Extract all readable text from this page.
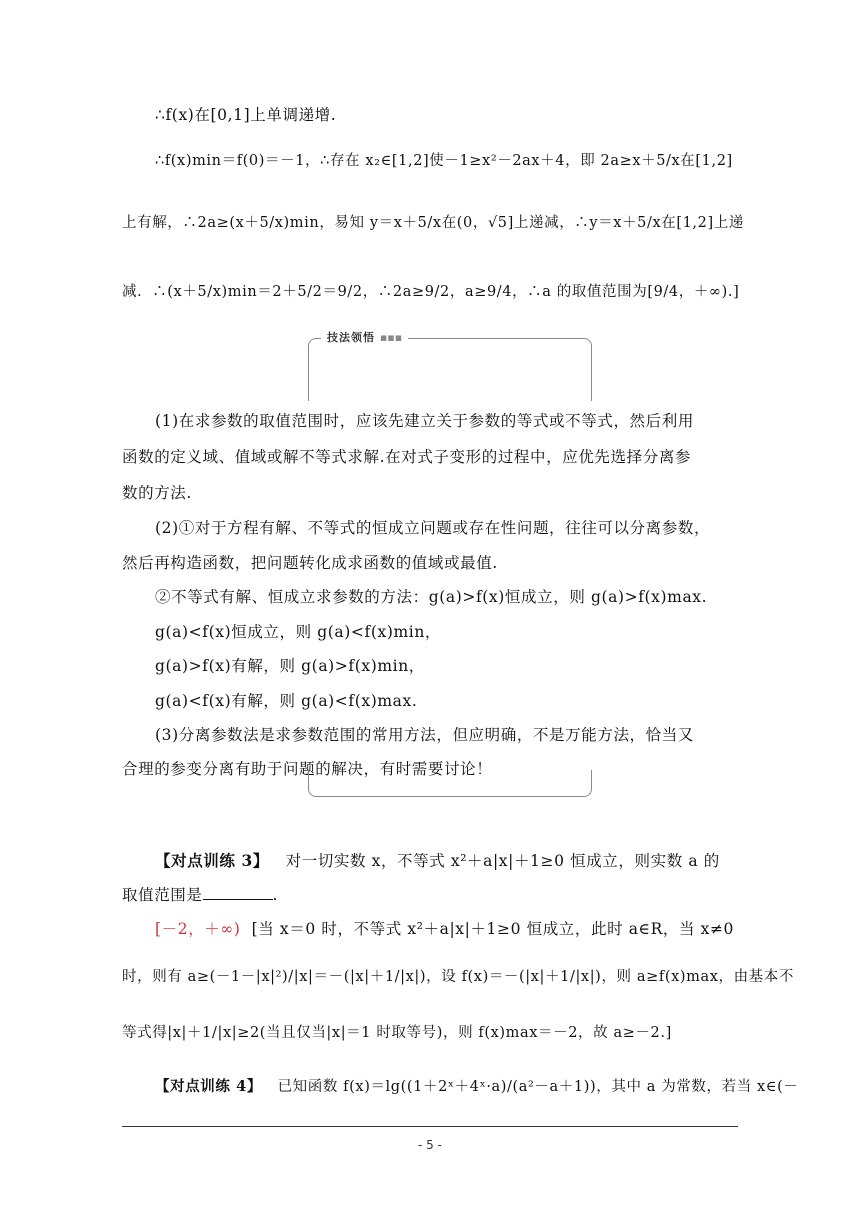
∴f(x)在[0,1]上单调递增.
∴f(x)min＝f(0)＝－1，∴存在 x₂∈[1,2]使－1≥x²－2ax＋4，即 2a≥x＋5/x在[1,2]
上有解，∴2a≥(x＋5/x)min，易知 y＝x＋5/x在(0，√5]上递减，∴y＝x＋5/x在[1,2]上递
减．∴(x＋5/x)min＝2＋5/2＝9/2，∴2a≥9/2，a≥9/4，∴a 的取值范围为[9/4，＋∞).]
技法领悟 ▪▪▪
(1)在求参数的取值范围时，应该先建立关于参数的等式或不等式，然后利用
函数的定义域、值域或解不等式求解.在对式子变形的过程中，应优先选择分离参
数的方法.
(2)①对于方程有解、不等式的恒成立问题或存在性问题，往往可以分离参数，
然后再构造函数，把问题转化成求函数的值域或最值.
②不等式有解、恒成立求参数的方法：g(a)>f(x)恒成立，则 g(a)>f(x)max.
g(a)<f(x)恒成立，则 g(a)<f(x)min，
g(a)>f(x)有解，则 g(a)>f(x)min，
g(a)<f(x)有解，则 g(a)<f(x)max.
(3)分离参数法是求参数范围的常用方法，但应明确，不是万能方法，恰当又
合理的参变分离有助于问题的解决，有时需要讨论！
【对点训练 3】 对一切实数 x，不等式 x²＋a|x|＋1≥0 恒成立，则实数 a 的
取值范围是	.
[－2，＋∞) [当 x＝0 时，不等式 x²＋a|x|＋1≥0 恒成立，此时 a∈R，当 x≠0
时，则有 a≥(－1－|x|²)/|x|＝－(|x|＋1/|x|)，设 f(x)＝－(|x|＋1/|x|)，则 a≥f(x)max，由基本不
等式得|x|＋1/|x|≥2(当且仅当|x|＝1 时取等号)，则 f(x)max＝－2，故 a≥－2.]
【对点训练 4】 已知函数 f(x)＝lg((1＋2ˣ＋4ˣ·a)/(a²－a＋1))，其中 a 为常数，若当 x∈(－
- 5 -
